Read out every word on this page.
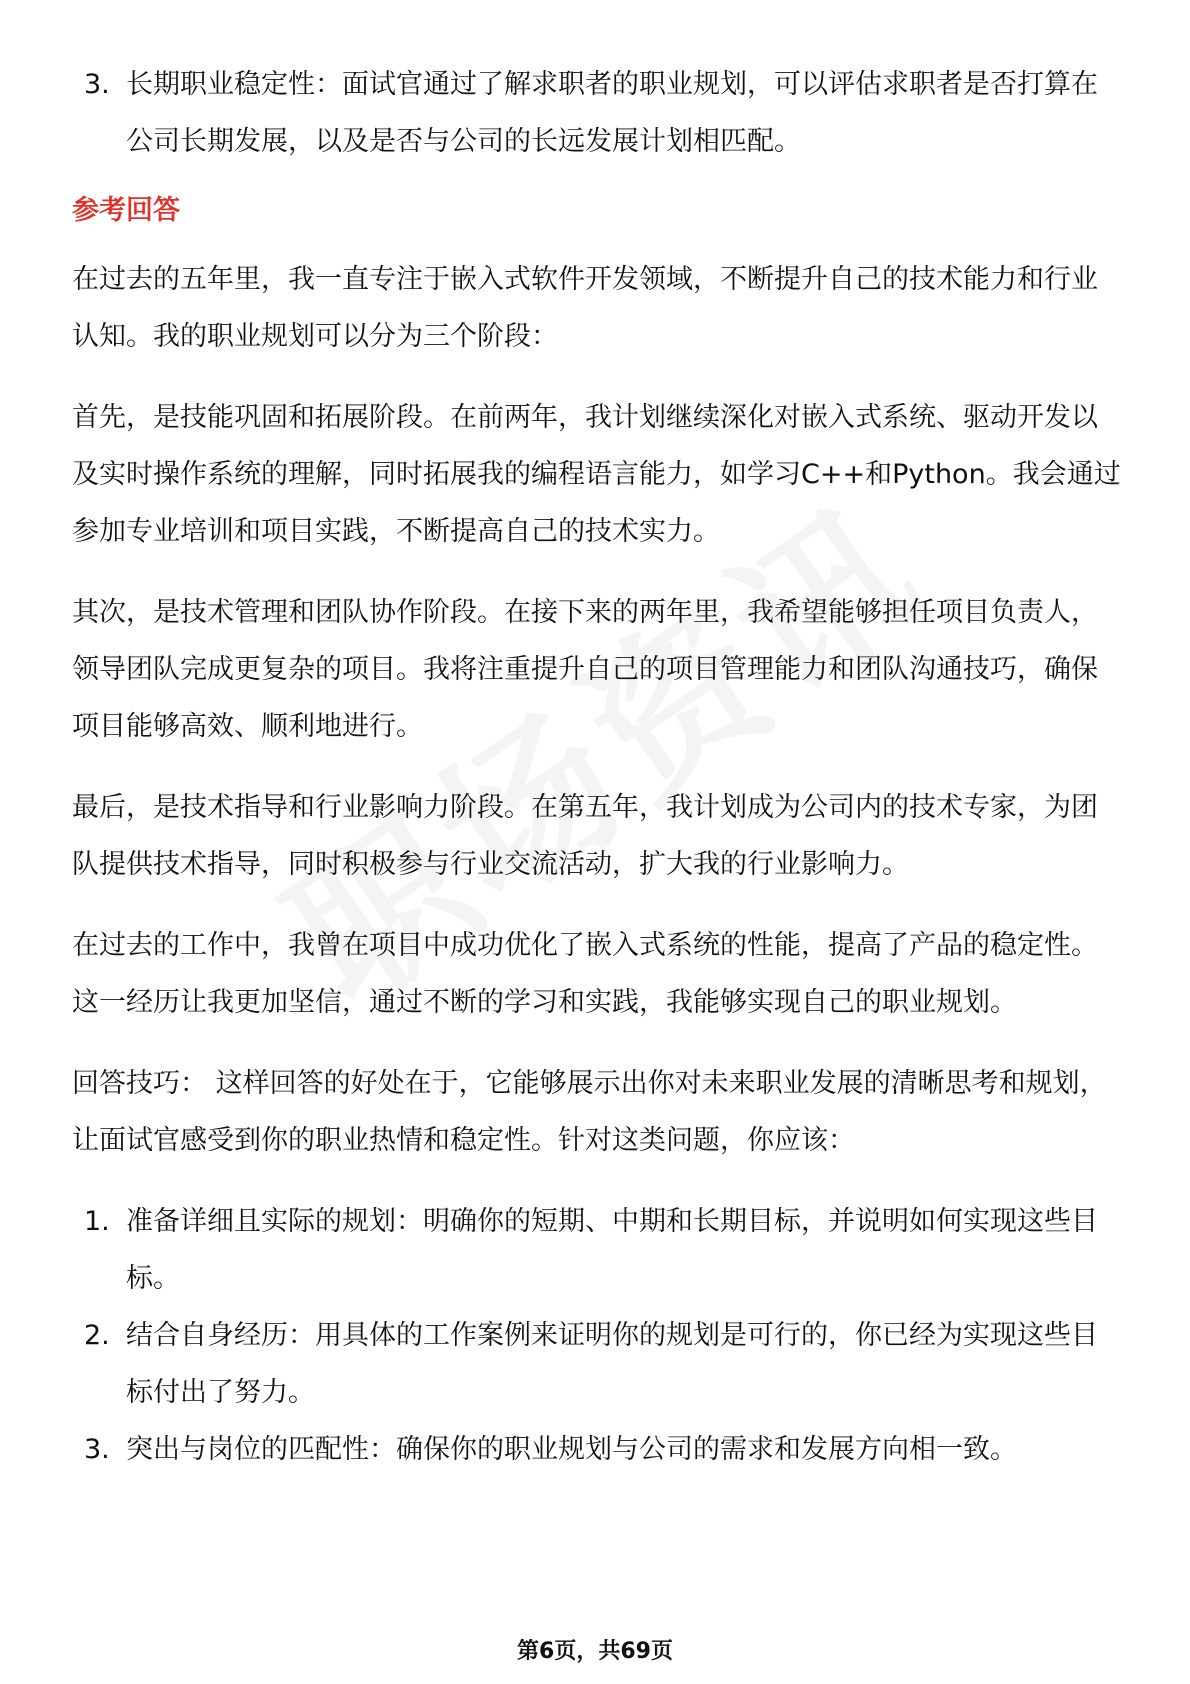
3. 长期职业稳定性：面试官通过了解求职者的职业规划，可以评估求职者是否打算在公司长期发展，以及是否与公司的长远发展计划相匹配。
参考回答

在过去的五年里，我一直专注于嵌入式软件开发领域，不断提升自己的技术能力和行业认知。我的职业规划可以分为三个阶段：

首先，是技能巩固和拓展阶段。在前两年，我计划继续深化对嵌入式系统、驱动开发以及实时操作系统的理解，同时拓展我的编程语言能力，如学习C++和Python。我会通过参加专业培训和项目实践，不断提高自己的技术实力。

其次，是技术管理和团队协作阶段。在接下来的两年里，我希望能够担任项目负责人，领导团队完成更复杂的项目。我将注重提升自己的项目管理能力和团队沟通技巧，确保项目能够高效、顺利地进行。

最后，是技术指导和行业影响力阶段。在第五年，我计划成为公司内的技术专家，为团队提供技术指导，同时积极参与行业交流活动，扩大我的行业影响力。

在过去的工作中，我曾在项目中成功优化了嵌入式系统的性能，提高了产品的稳定性。这一经历让我更加坚信，通过不断的学习和实践，我能够实现自己的职业规划。

回答技巧： 这样回答的好处在于，它能够展示出你对未来职业发展的清晰思考和规划，让面试官感受到你的职业热情和稳定性。针对这类问题，你应该：

1. 准备详细且实际的规划：明确你的短期、中期和长期目标，并说明如何实现这些目标。
2. 结合自身经历：用具体的工作案例来证明你的规划是可行的，你已经为实现这些目标付出了努力。
3. 突出与岗位的匹配性：确保你的职业规划与公司的需求和发展方向相一致。
第6页，共69页
